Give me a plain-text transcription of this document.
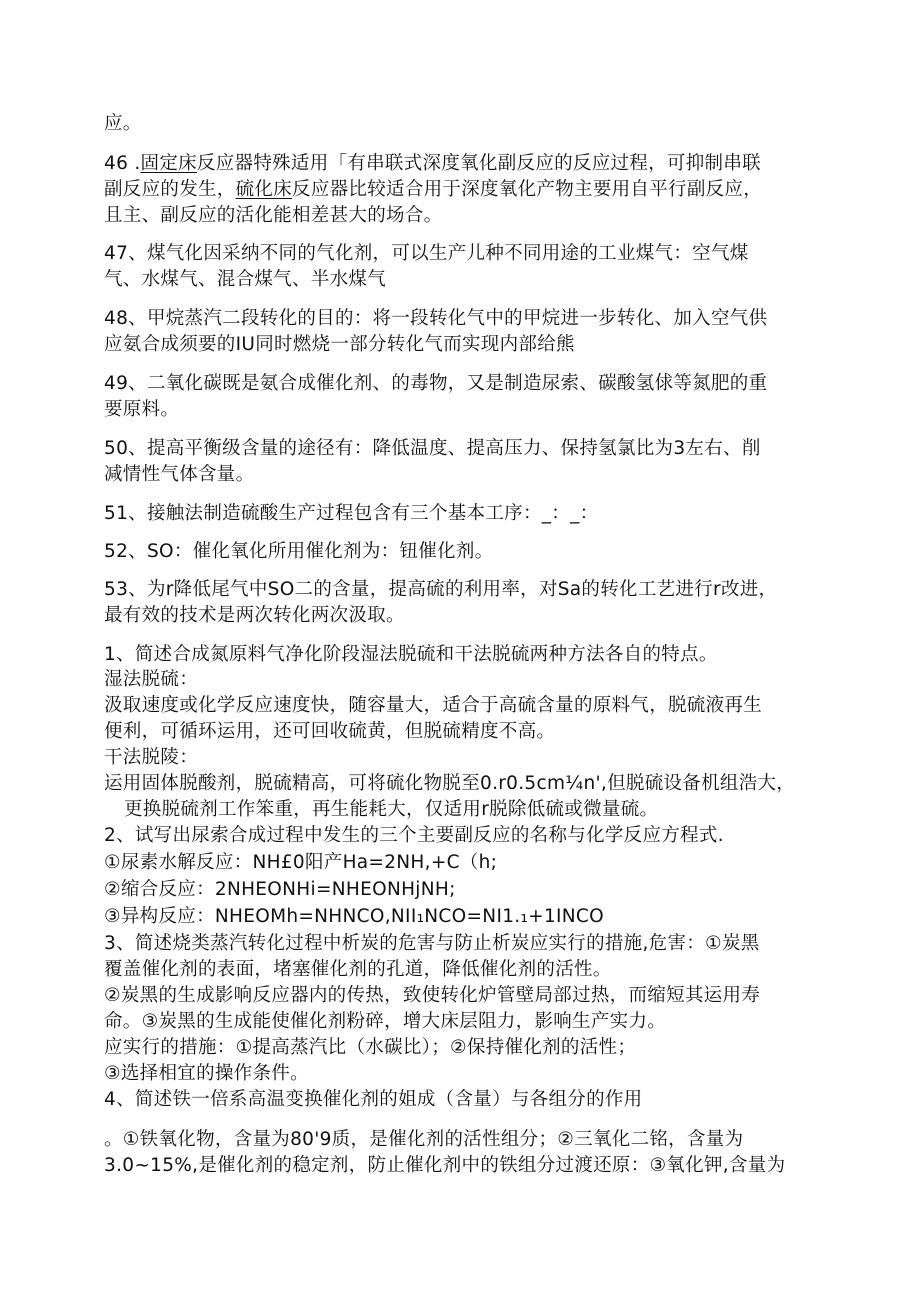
应。
46 .固定床反应器特殊适用「有串联式深度氧化副反应的反应过程，可抑制串联
副反应的发生，硫化床反应器比较适合用于深度氧化产物主要用自平行副反应，
且主、副反应的活化能相差甚大的场合。
47、煤气化因采纳不同的气化剂，可以生产儿种不同用途的工业煤气：空气煤
气、水煤气、混合煤气、半水煤气
48、甲烷蒸汽二段转化的目的：将一段转化气中的甲烷进一步转化、加入空气供
应氨合成须要的IU同时燃烧一部分转化气而实现内部给熊
49、二氧化碳既是氨合成催化剂、的毒物，又是制造尿索、碳酸氢俅等氮肥的重
要原料。
50、提高平衡级含量的途径有：降低温度、提高压力、保持氢氯比为3左右、削
减情性气体含量。
51、接触法制造硫酸生产过程包含有三个基本工序：_：_：
52、SO：催化氧化所用催化剂为：钮催化剂。
53、为r降低尾气中SO二的含量，提高硫的利用率，对Sa的转化工艺进行r改进，
最有效的技术是两次转化两次汲取。
1、简述合成氮原料气净化阶段湿法脱硫和干法脱硫两种方法各自的特点。
湿法脱硫：
汲取速度或化学反应速度快，随容量大，适合于高硫含量的原料气，脱硫液再生
便利，可循环运用，还可回收硫黄，但脱硫精度不高。
干法脱陵：
运用固体脱酸剂，脱硫精高，可将硫化物脱至0.r0.5cm¼n',但脱硫设备机组浩大，
更换脱硫剂工作笨重，再生能耗大，仅适用r脱除低硫或微量硫。
2、试写出尿索合成过程中发生的三个主要副反应的名称与化学反应方程式.
①尿素水解反应：NH£0阳产Ha=2NH,+C（h;
②缩合反应：2NHEONHi=NHEONHjNH;
③异构反应：NHEOMh=NHNCO,NII₁NCO=NI1.₁+1INCO
3、简述烧类蒸汽转化过程中析炭的危害与防止析炭应实行的措施,危害：①炭黑
覆盖催化剂的表面，堵塞催化剂的孔道，降低催化剂的活性。
②炭黑的生成影响反应器内的传热，致使转化炉管壁局部过热，而缩短其运用寿
命。③炭黑的生成能使催化剂粉碎，增大床层阻力，影响生产实力。
应实行的措施：①提高蒸汽比（水碳比）；②保持催化剂的活性；
③选择相宜的操作条件。
4、简述铁一倍系高温变换催化剂的姐成（含量）与各组分的作用
。①铁氧化物，含量为80'9质，是催化剂的活性组分；②三氧化二铭，含量为
3.0~15%,是催化剂的稳定剂，防止催化剂中的铁组分过渡还原：③氧化钾,含量为
